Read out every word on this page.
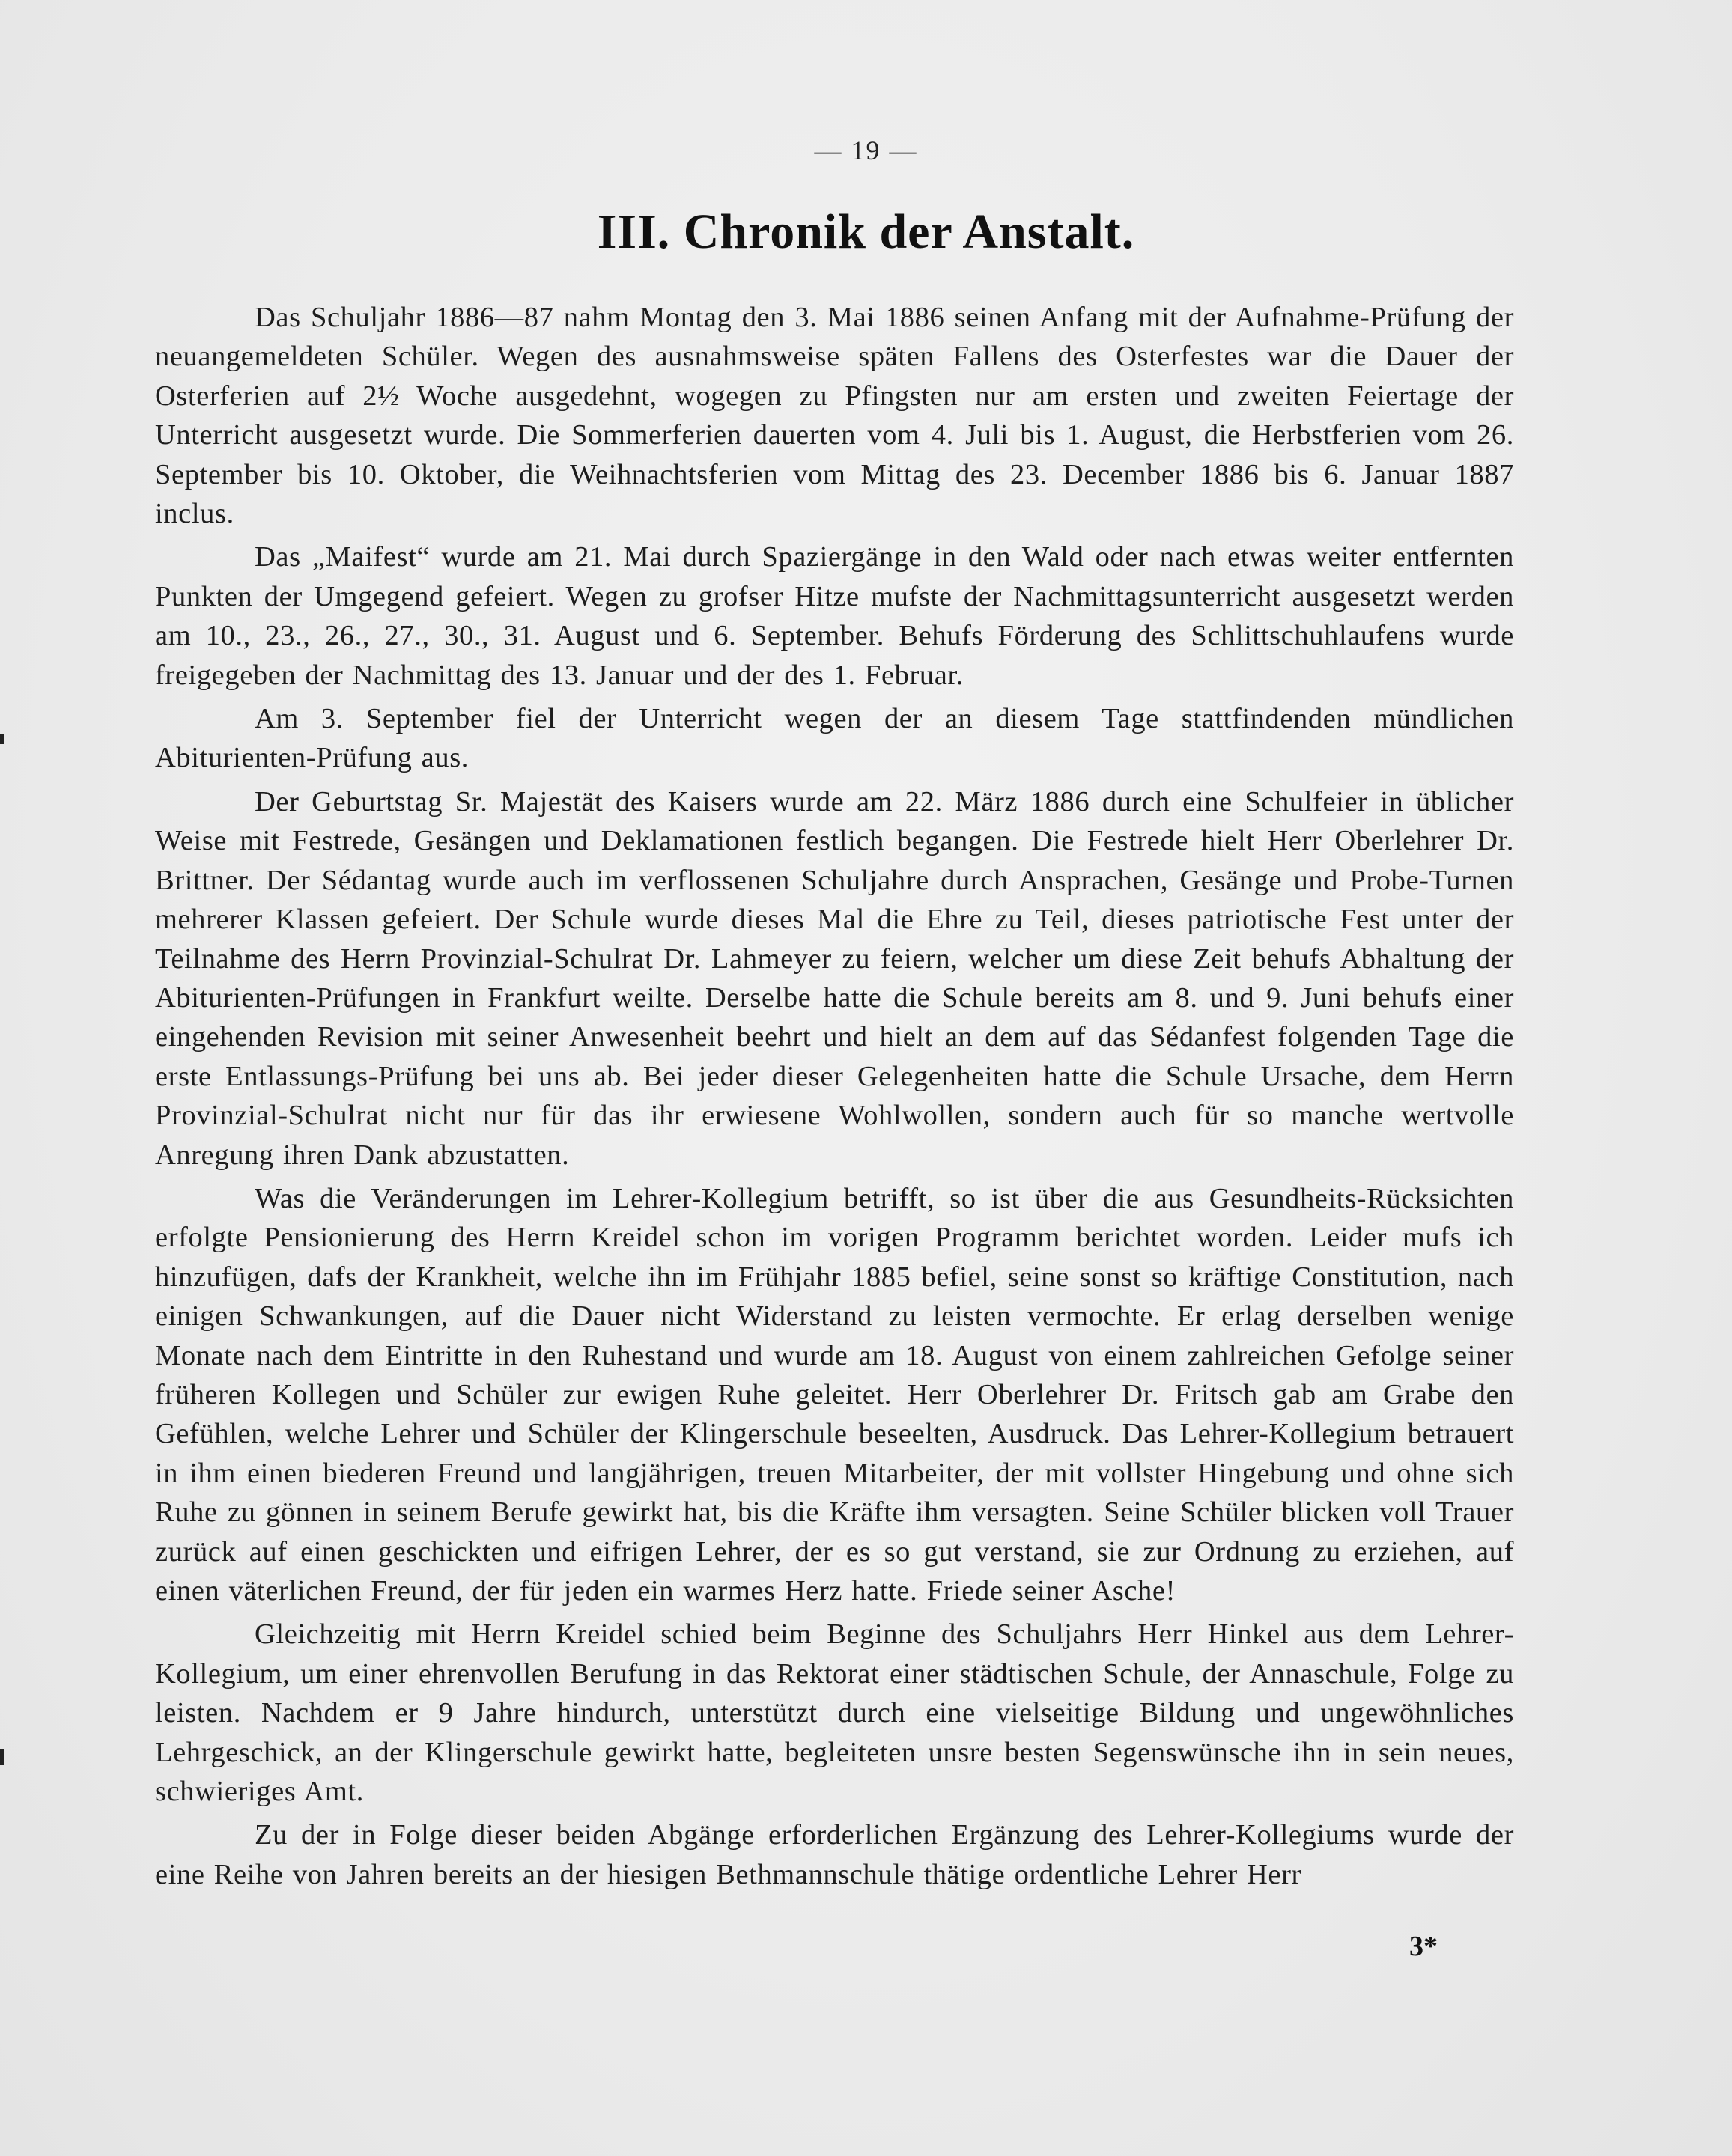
— 19 —
III. Chronik der Anstalt.

Das Schuljahr 1886—87 nahm Montag den 3. Mai 1886 seinen Anfang mit der Aufnahme-Prüfung der neuangemeldeten Schüler. Wegen des ausnahmsweise späten Fallens des Osterfestes war die Dauer der Osterferien auf 2½ Woche ausgedehnt, wogegen zu Pfingsten nur am ersten und zweiten Feiertage der Unterricht ausgesetzt wurde. Die Sommerferien dauerten vom 4. Juli bis 1. August, die Herbstferien vom 26. September bis 10. Oktober, die Weihnachtsferien vom Mittag des 23. December 1886 bis 6. Januar 1887 inclus.

Das „Maifest“ wurde am 21. Mai durch Spaziergänge in den Wald oder nach etwas weiter entfernten Punkten der Umgegend gefeiert. Wegen zu grofser Hitze mufste der Nachmittagsunterricht ausgesetzt werden am 10., 23., 26., 27., 30., 31. August und 6. September. Behufs Förderung des Schlittschuhlaufens wurde freigegeben der Nachmittag des 13. Januar und der des 1. Februar.

Am 3. September fiel der Unterricht wegen der an diesem Tage stattfindenden mündlichen Abiturienten-Prüfung aus.

Der Geburtstag Sr. Majestät des Kaisers wurde am 22. März 1886 durch eine Schulfeier in üblicher Weise mit Festrede, Gesängen und Deklamationen festlich begangen. Die Festrede hielt Herr Oberlehrer Dr. Brittner. Der Sédantag wurde auch im verflossenen Schuljahre durch Ansprachen, Gesänge und Probe-Turnen mehrerer Klassen gefeiert. Der Schule wurde dieses Mal die Ehre zu Teil, dieses patriotische Fest unter der Teilnahme des Herrn Provinzial-Schulrat Dr. Lahmeyer zu feiern, welcher um diese Zeit behufs Abhaltung der Abiturienten-Prüfungen in Frankfurt weilte. Derselbe hatte die Schule bereits am 8. und 9. Juni behufs einer eingehenden Revision mit seiner Anwesenheit beehrt und hielt an dem auf das Sédanfest folgenden Tage die erste Entlassungs-Prüfung bei uns ab. Bei jeder dieser Gelegenheiten hatte die Schule Ursache, dem Herrn Provinzial-Schulrat nicht nur für das ihr erwiesene Wohlwollen, sondern auch für so manche wertvolle Anregung ihren Dank abzustatten.

Was die Veränderungen im Lehrer-Kollegium betrifft, so ist über die aus Gesundheits-Rücksichten erfolgte Pensionierung des Herrn Kreidel schon im vorigen Programm berichtet worden. Leider mufs ich hinzufügen, dafs der Krankheit, welche ihn im Frühjahr 1885 befiel, seine sonst so kräftige Constitution, nach einigen Schwankungen, auf die Dauer nicht Widerstand zu leisten vermochte. Er erlag derselben wenige Monate nach dem Eintritte in den Ruhestand und wurde am 18. August von einem zahlreichen Gefolge seiner früheren Kollegen und Schüler zur ewigen Ruhe geleitet. Herr Oberlehrer Dr. Fritsch gab am Grabe den Gefühlen, welche Lehrer und Schüler der Klingerschule beseelten, Ausdruck. Das Lehrer-Kollegium betrauert in ihm einen biederen Freund und langjährigen, treuen Mitarbeiter, der mit vollster Hingebung und ohne sich Ruhe zu gönnen in seinem Berufe gewirkt hat, bis die Kräfte ihm versagten. Seine Schüler blicken voll Trauer zurück auf einen geschickten und eifrigen Lehrer, der es so gut verstand, sie zur Ordnung zu erziehen, auf einen väterlichen Freund, der für jeden ein warmes Herz hatte. Friede seiner Asche!

Gleichzeitig mit Herrn Kreidel schied beim Beginne des Schuljahrs Herr Hinkel aus dem Lehrer-Kollegium, um einer ehrenvollen Berufung in das Rektorat einer städtischen Schule, der Annaschule, Folge zu leisten. Nachdem er 9 Jahre hindurch, unterstützt durch eine vielseitige Bildung und ungewöhnliches Lehrgeschick, an der Klingerschule gewirkt hatte, begleiteten unsre besten Segenswünsche ihn in sein neues, schwieriges Amt.

Zu der in Folge dieser beiden Abgänge erforderlichen Ergänzung des Lehrer-Kollegiums wurde der eine Reihe von Jahren bereits an der hiesigen Bethmannschule thätige ordentliche Lehrer Herr

3*
